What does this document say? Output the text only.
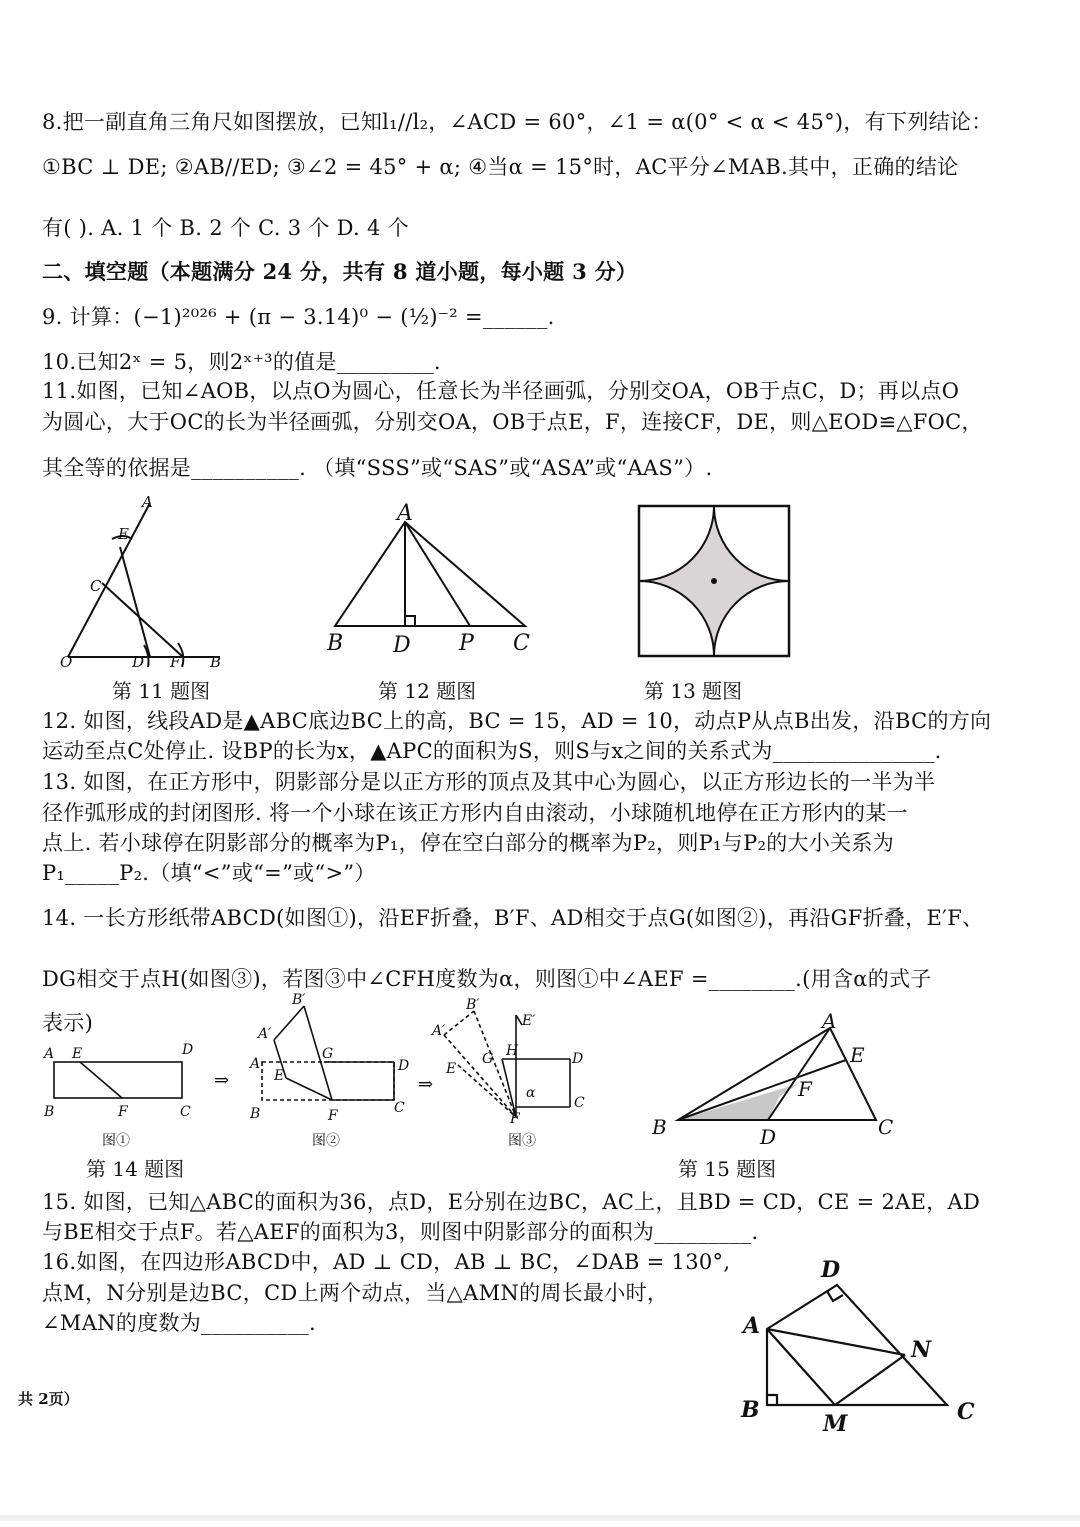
8.把一副直角三角尺如图摆放，已知l₁//l₂，∠ACD = 60°，∠1 = α(0° < α < 45°)，有下列结论：
①BC ⊥ DE; ②AB//ED; ③∠2 = 45° + α; ④当α = 15°时，AC平分∠MAB.其中，正确的结论
有( ). A. 1 个 B. 2 个 C. 3 个 D. 4 个
二、填空题（本题满分 24 分，共有 8 道小题，每小题 3 分）
9. 计算：(−1)²⁰²⁶ + (π − 3.14)⁰ − (½)⁻² =______.
10.已知2ˣ = 5，则2ˣ⁺³的值是_________.
11.如图，已知∠AOB，以点O为圆心，任意长为半径画弧，分别交OA，OB于点C，D；再以点O
为圆心，大于OC的长为半径画弧，分别交OA，OB于点E，F，连接CF，DE，则△EOD≌△FOC，
其全等的依据是__________. （填“SSS”或“SAS”或“ASA”或“AAS”）.
A
E
C
O	D F B
第 11 题图
A
B D P C
第 12 题图	第 13 题图
12. 如图，线段AD是▲ABC底边BC上的高，BC = 15，AD = 10，动点P从点B出发，沿BC的方向
运动至点C处停止. 设BP的长为x，▲APC的面积为S，则S与x之间的关系式为_______________.
13. 如图，在正方形中，阴影部分是以正方形的顶点及其中心为圆心，以正方形边长的一半为半
径作弧形成的封闭图形. 将一个小球在该正方形内自由滚动，小球随机地停在正方形内的某一
点上. 若小球停在阴影部分的概率为P₁，停在空白部分的概率为P₂，则P₁与P₂的大小关系为
P₁_____P₂.（填“<”或“=”或“>”）
14. 一长方形纸带ABCD(如图①)，沿EF折叠，B′F、AD相交于点G(如图②)，再沿GF折叠，E′F、
DG相交于点H(如图③)，若图③中∠CFH度数为α，则图①中∠AEF =________.(用含α的式子
表示)
A E	D
B	F	C
图①
⇒
B′
A′
G
A
E
D
B	F	C
图②
⇒
B′
A′
E′
G H
E
D
α
F
C
图③
第 14 题图
A
E
F
B	D	C
第 15 题图
15. 如图，已知△ABC的面积为36，点D，E分别在边BC，AC上，且BD = CD，CE = 2AE，AD
与BE相交于点F。若△AEF的面积为3，则图中阴影部分的面积为_________.
16.如图，在四边形ABCD中，AD ⊥ CD，AB ⊥ BC，∠DAB = 130°,
点M，N分别是边BC，CD上两个动点，当△AMN的周长最小时，
∠MAN的度数为__________.
D
A
N
B
M	C
共 2页）
